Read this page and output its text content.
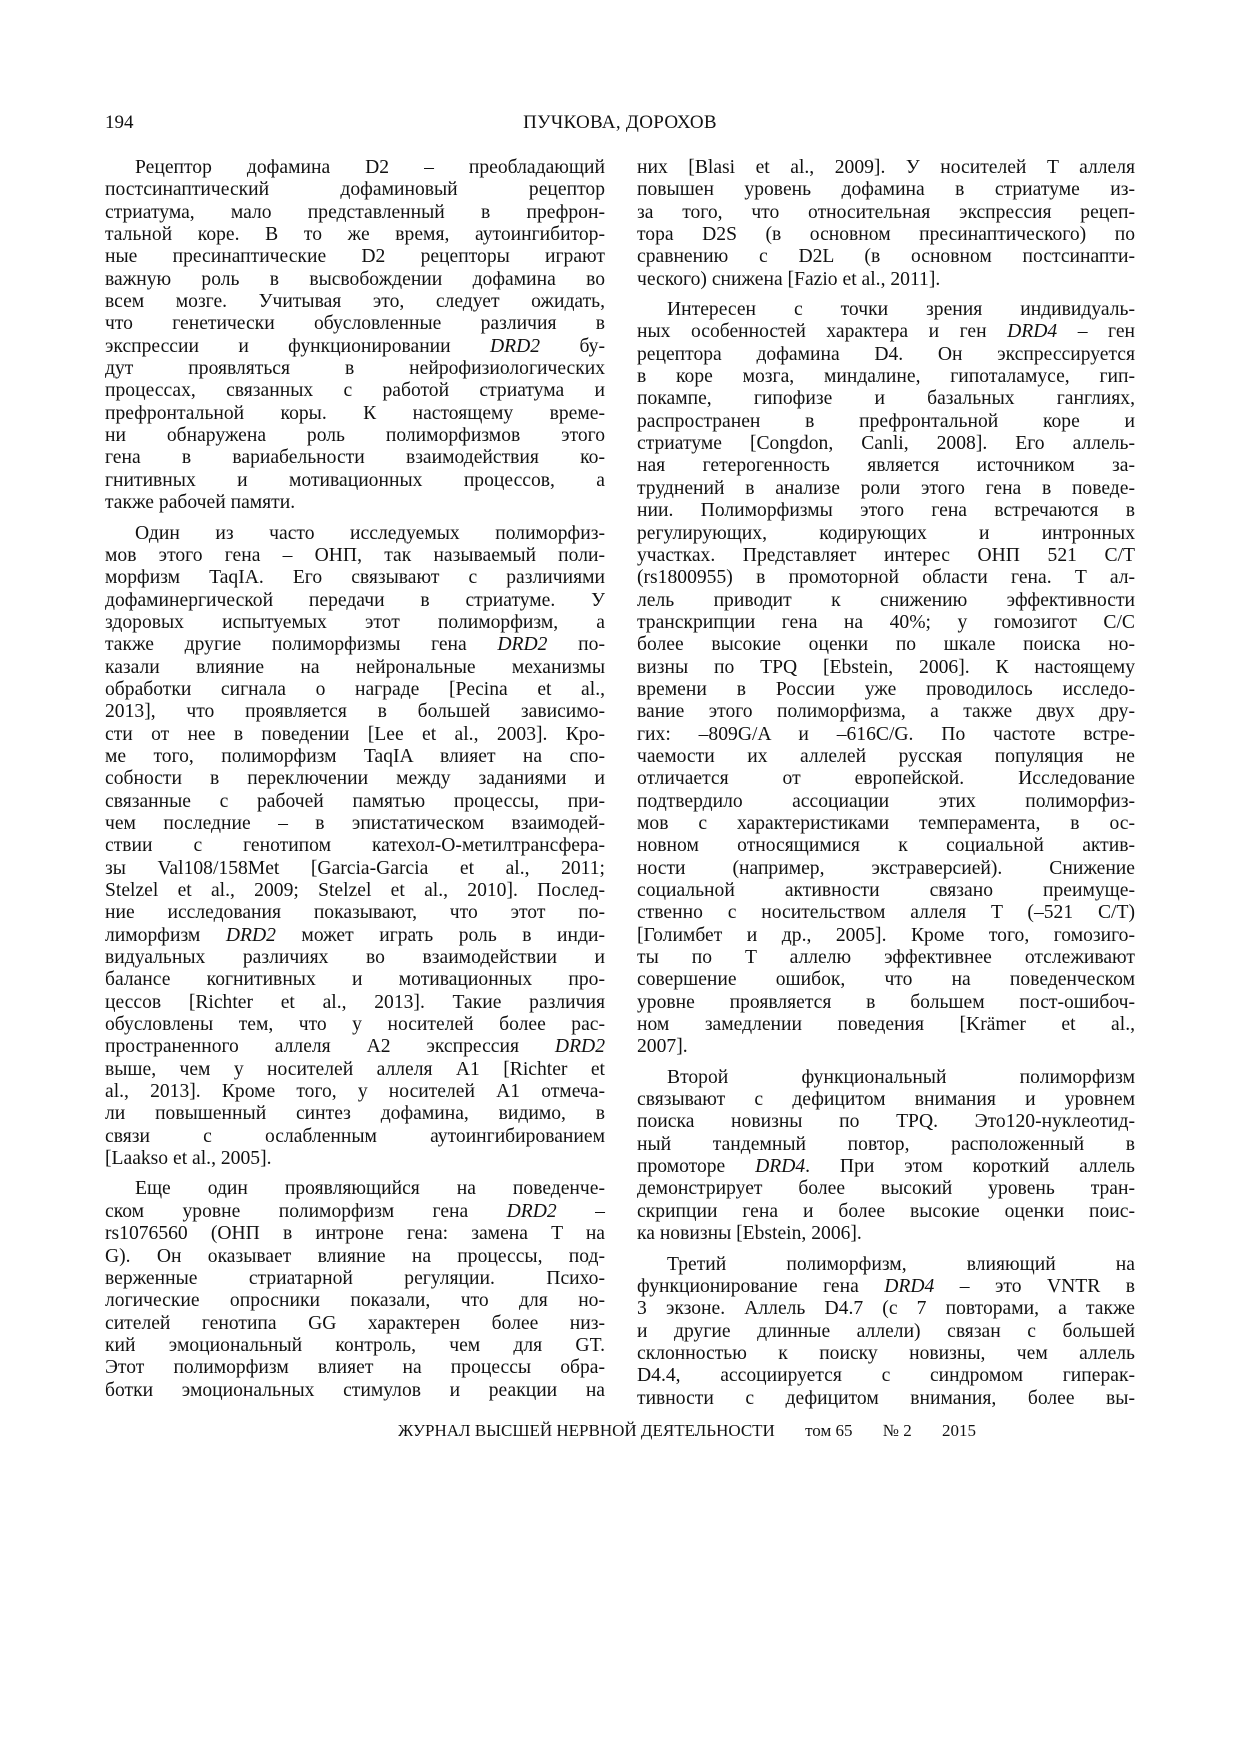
194	ПУЧКОВА, ДОРОХОВ
Рецептор дофамина D2 – преобладающий
постсинаптический дофаминовый рецептор
стриатума, мало представленный в префрон-
тальной коре. В то же время, аутоингибитор-
ные пресинаптические D2 рецепторы играют
важную роль в высвобождении дофамина во
всем мозге. Учитывая это, следует ожидать,
что генетически обусловленные различия в
экспрессии и функционировании DRD2 бу-
дут проявляться в нейрофизиологических
процессах, связанных с работой стриатума и
префронтальной коры. К настоящему време-
ни обнаружена роль полиморфизмов этого
гена в вариабельности взаимодействия ко-
гнитивных и мотивационных процессов, а
также рабочей памяти.
Один из часто исследуемых полиморфиз-
мов этого гена – ОНП, так называемый поли-
морфизм TaqIA. Его связывают с различиями
дофаминергической передачи в стриатуме. У
здоровых испытуемых этот полиморфизм, а
также другие полиморфизмы гена DRD2 по-
казали влияние на нейрональные механизмы
обработки сигнала о награде [Pecina et al.,
2013], что проявляется в большей зависимо-
сти от нее в поведении [Lee et al., 2003]. Кро-
ме того, полиморфизм TaqIA влияет на спо-
собности в переключении между заданиями и
связанные с рабочей памятью процессы, при-
чем последние – в эпистатическом взаимодей-
ствии с генотипом катехол-О-метилтрансфера-
зы Val108/158Met [Garcia-Garcia et al., 2011;
Stelzel et al., 2009; Stelzel et al., 2010]. Послед-
ние исследования показывают, что этот по-
лиморфизм DRD2 может играть роль в инди-
видуальных различиях во взаимодействии и
балансе когнитивных и мотивационных про-
цессов [Richter et al., 2013]. Такие различия
обусловлены тем, что у носителей более рас-
пространенного аллеля A2 экспрессия DRD2
выше, чем у носителей аллеля A1 [Richter et
al., 2013]. Кроме того, у носителей A1 отмеча-
ли повышенный синтез дофамина, видимо, в
связи с ослабленным аутоингибированием
[Laakso et al., 2005].
Еще один проявляющийся на поведенче-
ском уровне полиморфизм гена DRD2 –
rs1076560 (ОНП в интроне гена: замена T на
G). Он оказывает влияние на процессы, под-
верженные стриатарной регуляции. Психо-
логические опросники показали, что для но-
сителей генотипа GG характерен более низ-
кий эмоциональный контроль, чем для GT.
Этот полиморфизм влияет на процессы обра-
ботки эмоциональных стимулов и реакции на
них [Blasi et al., 2009]. У носителей T аллеля
повышен уровень дофамина в стриатуме из-
за того, что относительная экспрессия рецеп-
тора D2S (в основном пресинаптического) по
сравнению с D2L (в основном постсинапти-
ческого) снижена [Fazio et al., 2011].
Интересен с точки зрения индивидуаль-
ных особенностей характера и ген DRD4 – ген
рецептора дофамина D4. Он экспрессируется
в коре мозга, миндалине, гипоталамусе, гип-
покампе, гипофизе и базальных ганглиях,
распространен в префронтальной коре и
стриатуме [Congdon, Canli, 2008]. Его аллель-
ная гетерогенность является источником за-
труднений в анализе роли этого гена в поведе-
нии. Полиморфизмы этого гена встречаются в
регулирующих, кодирующих и интронных
участках. Представляет интерес ОНП 521 C/T
(rs1800955) в промоторной области гена. T ал-
лель приводит к снижению эффективности
транскрипции гена на 40%; у гомозигот C/C
более высокие оценки по шкале поиска но-
визны по TPQ [Ebstein, 2006]. К настоящему
времени в России уже проводилось исследо-
вание этого полиморфизма, а также двух дру-
гих: –809G/A и –616C/G. По частоте встре-
чаемости их аллелей русская популяция не
отличается от европейской. Исследование
подтвердило ассоциации этих полиморфиз-
мов с характеристиками темперамента, в ос-
новном относящимися к социальной актив-
ности (например, экстраверсией). Снижение
социальной активности связано преимуще-
ственно с носительством аллеля T (–521 C/T)
[Голимбет и др., 2005]. Кроме того, гомозиго-
ты по T аллелю эффективнее отслеживают
совершение ошибок, что на поведенческом
уровне проявляется в большем пост-ошибоч-
ном замедлении поведения [Krämer et al.,
2007].
Второй функциональный полиморфизм
связывают с дефицитом внимания и уровнем
поиска новизны по TPQ. Это120-нуклеотид-
ный тандемный повтор, расположенный в
промоторе DRD4. При этом короткий аллель
демонстрирует более высокий уровень тран-
скрипции гена и более высокие оценки поис-
ка новизны [Ebstein, 2006].
Третий полиморфизм, влияющий на
функционирование гена DRD4 – это VNTR в
3 экзоне. Аллель D4.7 (с 7 повторами, а также
и другие длинные аллели) связан с большей
склонностью к поиску новизны, чем аллель
D4.4, ассоциируется с синдромом гиперак-
тивности с дефицитом внимания, более вы-
ЖУРНАЛ ВЫСШЕЙ НЕРВНОЙ ДЕЯТЕЛЬНОСТИ том 65 № 2 2015
